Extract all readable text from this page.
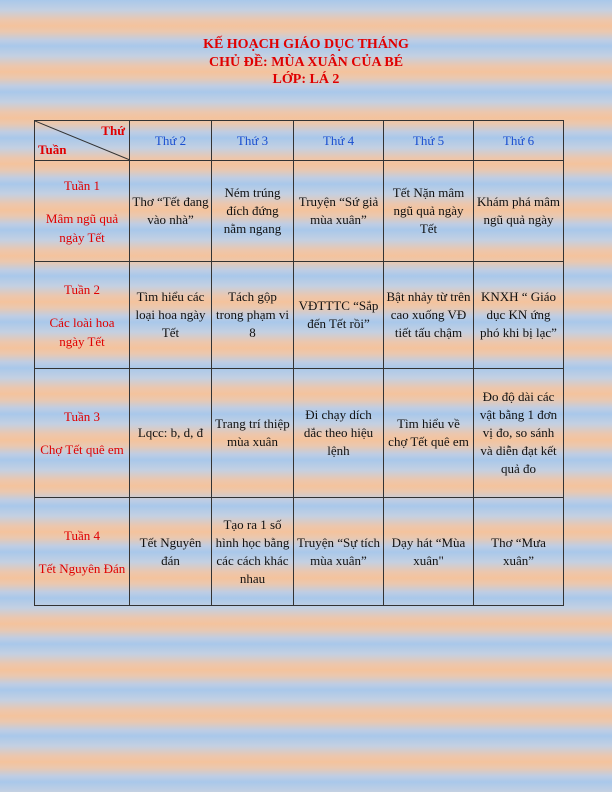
KẾ HOẠCH GIÁO DỤC THÁNG
CHỦ ĐỀ: MÙA XUÂN CỦA BÉ
LỚP: LÁ 2
Thứ
Tuần	Thứ 2	Thứ 3	Thứ 4	Thứ 5	Thứ 6

Tuần 1
Mâm ngũ quả ngày Tết	Thơ “Tết đang vào nhà”	Ném trúng đích đứng nằm ngang	Truyện “Sứ giả mùa xuân”	Tết Nặn mâm ngũ quả ngày Tết	Khám phá mâm ngũ quả ngày

Tuần 2
Các loài hoa ngày Tết	Tìm hiểu các loại hoa ngày Tết	Tách gộp trong phạm vi 8	VĐTTTC “Sắp đến Tết rồi”	Bật nhảy từ trên cao xuống VĐ tiết tấu chậm	KNXH “ Giáo dục KN ứng phó khi bị lạc”

Tuần 3
Chợ Tết quê em	Lqcc: b, d, đ	Trang trí thiệp mùa xuân	Đi chạy dích dắc theo hiệu lệnh	Tìm hiểu về chợ Tết quê em	Đo độ dài các vật bằng 1 đơn vị đo, so sánh và diễn đạt kết quả đo

Tuần 4
Tết Nguyên Đán	Tết Nguyên đán	Tạo ra 1 số hình học bằng các cách khác nhau	Truyện “Sự tích mùa xuân”	Dạy hát “Mùa xuân"	Thơ “Mưa xuân”
